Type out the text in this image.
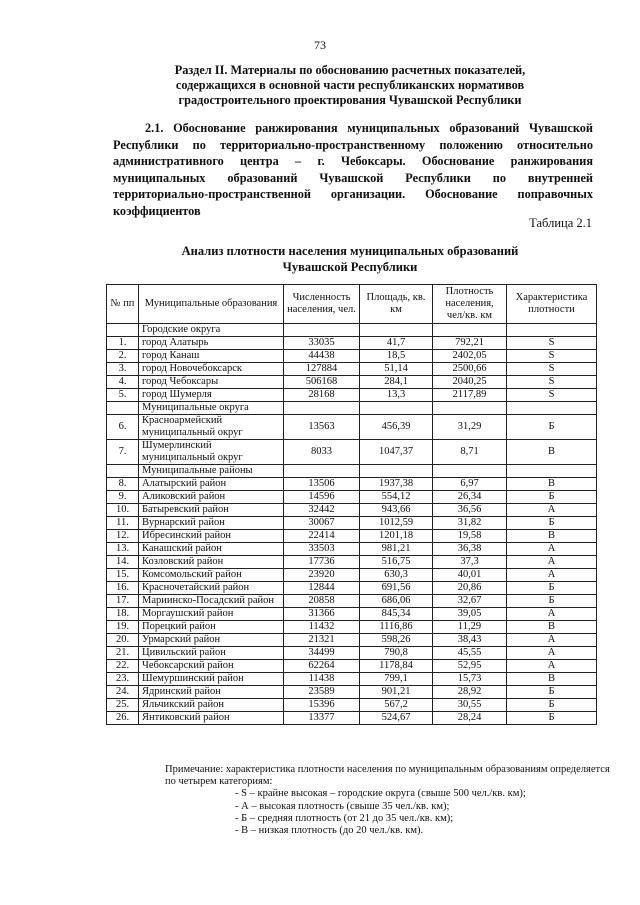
73
Раздел II. Материалы по обоснованию расчетных показателей, содержащихся в основной части республиканских нормативов градостроительного проектирования Чувашской Республики
2.1. Обоснование ранжирования муниципальных образований Чувашской Республики по территориально-пространственному положению относительно административного центра – г. Чебоксары. Обоснование ранжирования муниципальных образований Чувашской Республики по внутренней территориально-пространственной организации. Обоснование поправочных коэффициентов
Таблица 2.1
Анализ плотности населения муниципальных образований Чувашской Республики
№ пп	Муниципальные образования	Численность населения, чел.	Площадь, кв. км	Плотность населения, чел/кв. км	Характеристика плотности
	Городские округа				
1.	город Алатырь	33035	41,7	792,21	S
2.	город Канаш	44438	18,5	2402,05	S
3.	город Новочебоксарск	127884	51,14	2500,66	S
4.	город Чебоксары	506168	284,1	2040,25	S
5.	город Шумерля	28168	13,3	2117,89	S
	Муниципальные округа				
6.	Красноармейский муниципальный округ	13563	456,39	31,29	Б
7.	Шумерлинский муниципальный округ	8033	1047,37	8,71	В
	Муниципальные районы				
8.	Алатырский район	13506	1937,38	6,97	В
9.	Аликовский район	14596	554,12	26,34	Б
10.	Батыревский район	32442	943,66	36,56	А
11.	Вурнарский район	30067	1012,59	31,82	Б
12.	Ибресинский район	22414	1201,18	19,58	В
13.	Канашский район	33503	981,21	36,38	А
14.	Козловский район	17736	516,75	37,3	А
15.	Комсомольский район	23920	630,3	40,01	А
16.	Красночетайский район	12844	691,56	20,86	Б
17.	Мариинско-Посадский район	20858	686,06	32,67	Б
18.	Моргаушский район	31366	845,34	39,05	А
19.	Порецкий район	11432	1116,86	11,29	В
20.	Урмарский район	21321	598,26	38,43	А
21.	Цивильский район	34499	790,8	45,55	А
22.	Чебоксарский район	62264	1178,84	52,95	А
23.	Шемуршинский район	11438	799,1	15,73	В
24.	Ядринский район	23589	901,21	28,92	Б
25.	Яльчикский район	15396	567,2	30,55	Б
26.	Янтиковский район	13377	524,67	28,24	Б
Примечание: характеристика плотности населения по муниципальным образованиям определяется по четырем категориям:
- S – крайне высокая – городские округа (свыше 500 чел./кв. км);
- А – высокая плотность (свыше 35 чел./кв. км);
- Б – средняя плотность (от 21 до 35 чел./кв. км);
- В – низкая плотность (до 20 чел./кв. км).
